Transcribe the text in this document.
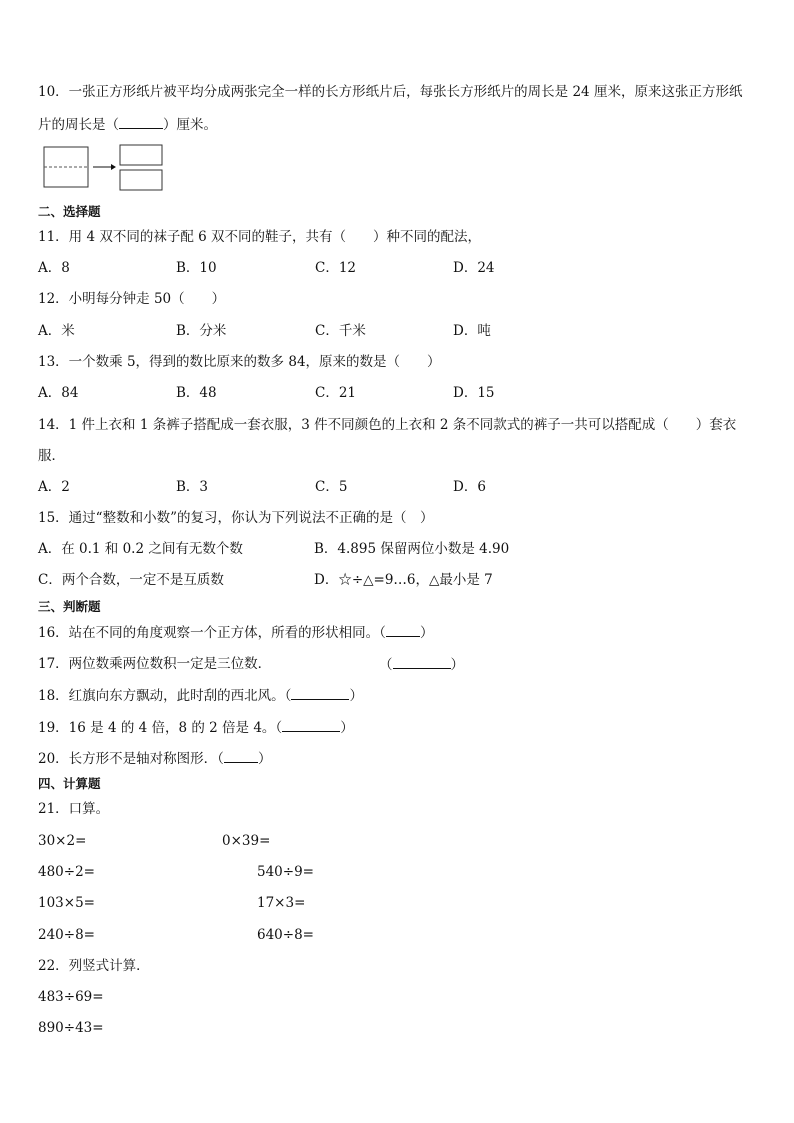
10．一张正方形纸片被平均分成两张完全一样的长方形纸片后，每张长方形纸片的周长是 24 厘米，原来这张正方形纸
片的周长是（	）厘米。
二、选择题
11．用 4 双不同的袜子配 6 双不同的鞋子，共有（　　）种不同的配法，
A．8	B．10	C．12	D．24
12．小明每分钟走 50（　　）
A．米	B．分米	C．千米	D．吨
13．一个数乘 5，得到的数比原来的数多 84，原来的数是（　　）
A．84	B．48	C．21	D．15
14．1 件上衣和 1 条裤子搭配成一套衣服，3 件不同颜色的上衣和 2 条不同款式的裤子一共可以搭配成（　　）套衣
服．
A．2	B．3	C．5	D．6
15．通过“整数和小数”的复习，你认为下列说法不正确的是（　）
A．在 0.1 和 0.2 之间有无数个数	B．4.895 保留两位小数是 4.90
C．两个合数，一定不是互质数	D．☆÷△=9…6，△最小是 7
三、判断题
16．站在不同的角度观察一个正方体，所看的形状相同。（	）
17．两位数乘两位数积一定是三位数．	（	）
18．红旗向东方飘动，此时刮的西北风。（	）
19．16 是 4 的 4 倍，8 的 2 倍是 4。（	）
20．长方形不是轴对称图形．（	）
四、计算题
21．口算。
30×2=	0×39=
480÷2=	540÷9=
103×5=	17×3=
240÷8=	640÷8=
22．列竖式计算．
483÷69=
890÷43=
